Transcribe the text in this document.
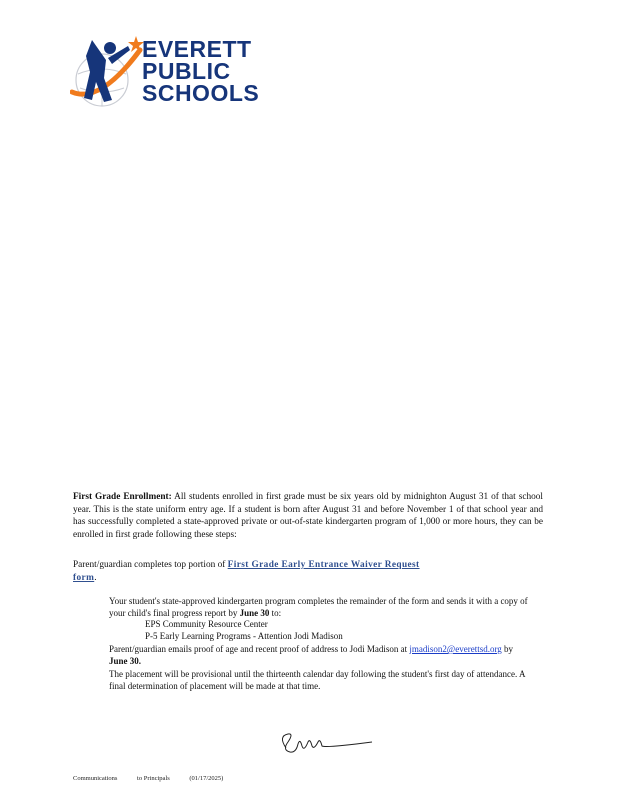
EVERETT
PUBLIC
SCHOOLS
First Grade Enrollment: All students enrolled in first grade must be six years old by midnighton August 31 of that school year. This is the state uniform entry age. If a student is born after August 31 and before November 1 of that school year and has successfully completed a state-approved private or out-of-state kindergarten program of 1,000 or more hours, they can be enrolled in first grade following these steps:
Parent/guardian completes top portion of First Grade Early Entrance Waiver Request
form.
Your student's state-approved kindergarten program completes the remainder of the form and sends it with a copy of your child's final progress report by June 30 to:
EPS Community Resource Center
P-5 Early Learning Programs - Attention Jodi Madison
Parent/guardian emails proof of age and recent proof of address to Jodi Madison at jmadison2@everettsd.org by June 30.
The placement will be provisional until the thirteenth calendar day following the student's first day of attendance. A final determination of placement will be made at that time.
Communications	to Principals	(01/17/2025)
